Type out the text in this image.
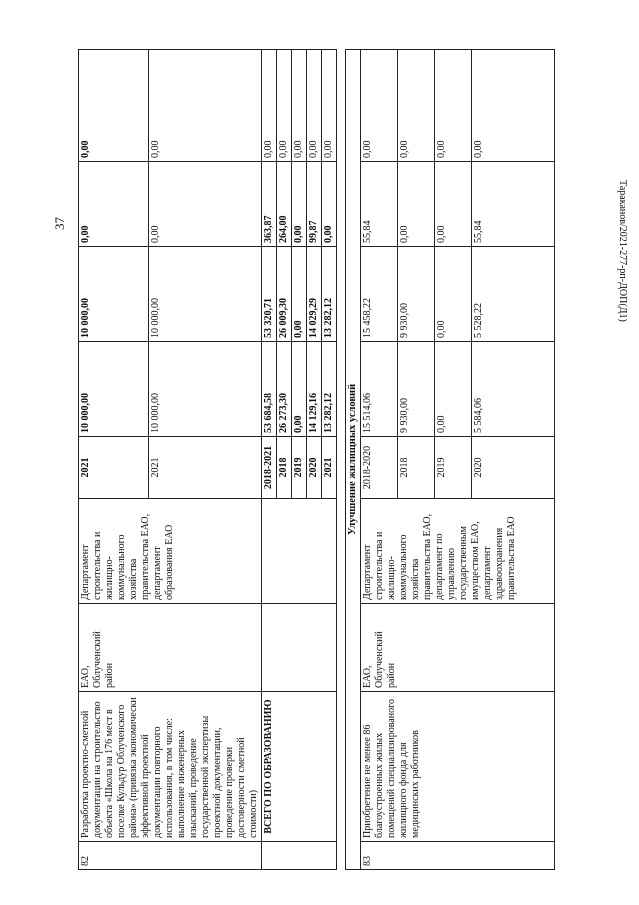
37	Тараканов/2021-277-рп-ДОП(Д1)
82	Разработка проектно-сметной документации на строительство объекта «Школа на 176 мест в поселке Кульдур Облученского района» (привязка экономически эффективной проектной документации повторного использования, в том числе: выполнение инженерных изысканий, проведение государственной экспертизы проектной документации, проведение проверки достоверности сметной стоимости)	ЕАО, Облученский район	Департамент строительства и жилищно-коммунального хозяйства правительства ЕАО, департамент образования ЕАО	2021	10 000,00	10 000,00	0,00	0,00
				2021	10 000,00	10 000,00	0,00	0,00
	ВСЕГО ПО ОБРАЗОВАНИЮ			2018-2021	53 684,58	53 320,71	363,87	0,00
				2018	26 273,30	26 009,30	264,00	0,00
				2019	0,00	0,00	0,00	0,00
				2020	14 129,16	14 029,29	99,87	0,00
				2021	13 282,12	13 282,12	0,00	0,00

Улучшение жилищных условий								
83	Приобретение не менее 86 благоустроенных жилых помещений специализированого жилищного фонда для медицинских работников	ЕАО, Облученский район	Департамент строительства и жилищно-коммунального хозяйства правительства ЕАО, департамент по управлению государственным имуществом ЕАО, департамент здравоохранения правительства ЕАО	2018-2020	15 514,06	15 458,22	55,84	0,00
				2018	9 930,00	9 930,00	0,00	0,00
				2019	0,00	0,00	0,00	0,00
				2020	5 584,06	5 528,22	55,84	0,00
